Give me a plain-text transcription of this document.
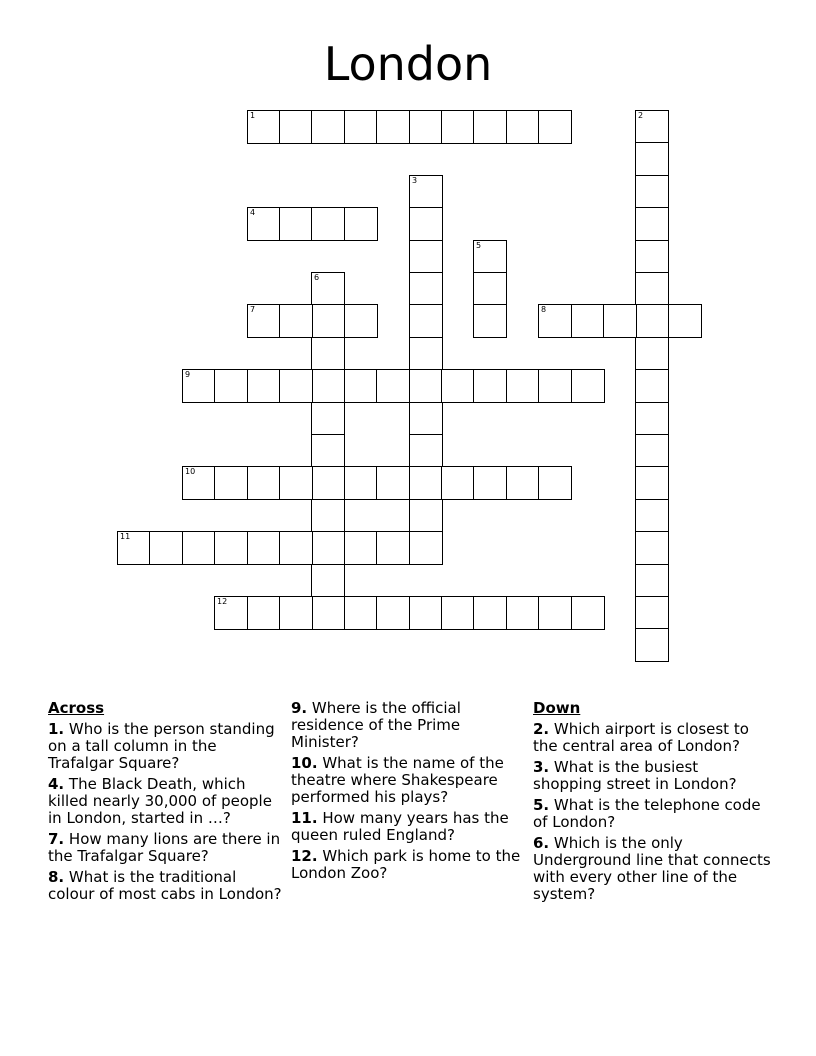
London
1	2
3
4
5
6
7	8
9
10
11
12
Across
1. Who is the person standing on a tall column in the Trafalgar Square?
4. The Black Death, which killed nearly 30,000 of people in London, started in …?
7. How many lions are there in the Trafalgar Square?
8. What is the traditional colour of most cabs in London?
9. Where is the official residence of the Prime Minister?
10. What is the name of the theatre where Shakespeare performed his plays?
11. How many years has the queen ruled England?
12. Which park is home to the London Zoo?
Down
2. Which airport is closest to the central area of London?
3. What is the busiest shopping street in London?
5. What is the telephone code of London?
6. Which is the only Underground line that connects with every other line of the system?
